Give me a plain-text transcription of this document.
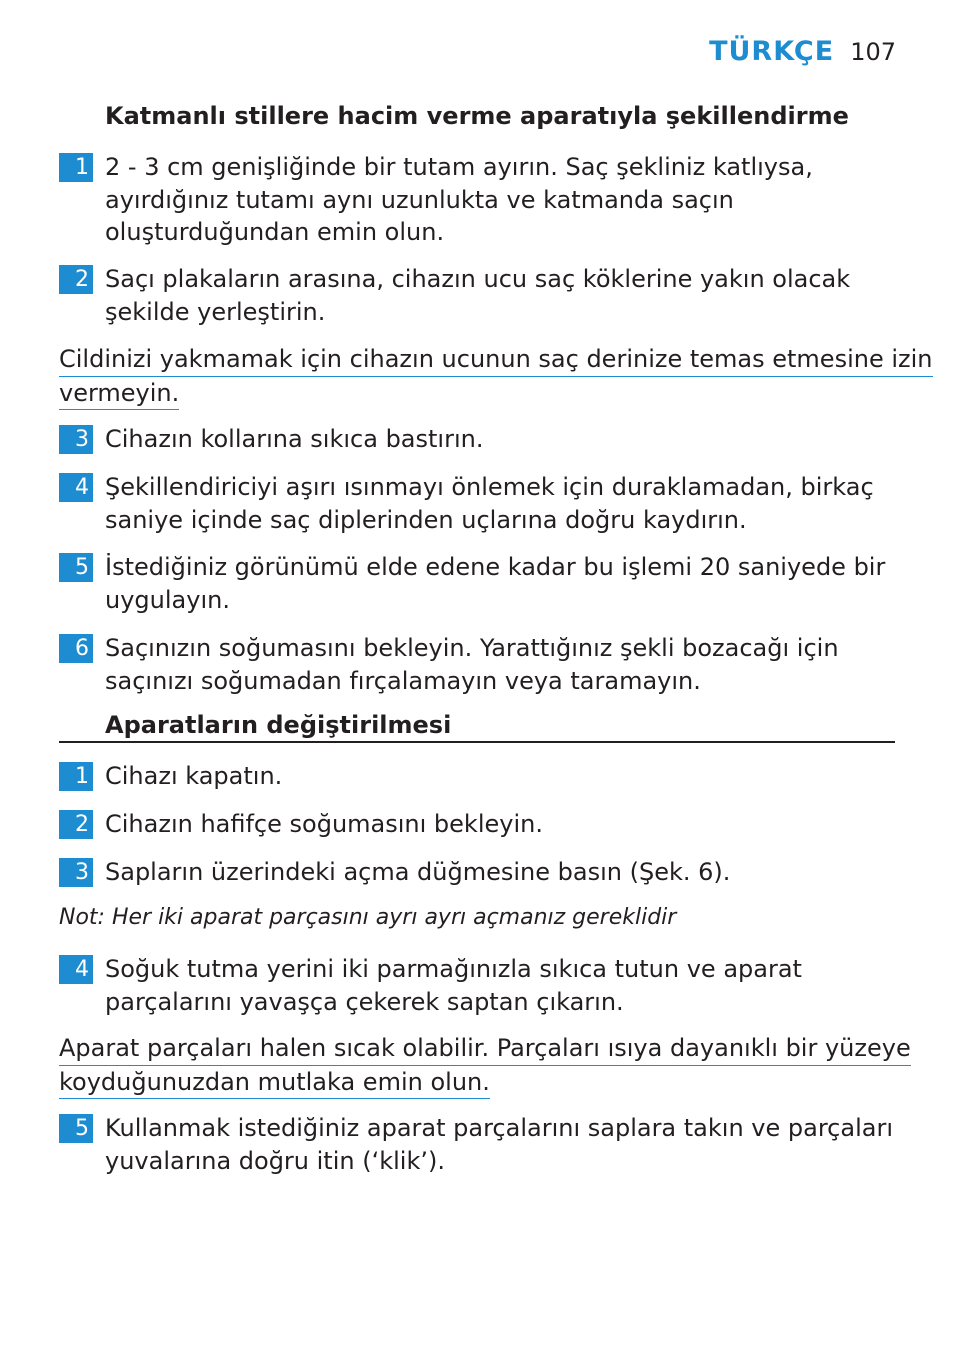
TÜRKÇE 107
Katmanlı stillere hacim verme aparatıyla şekillendirme
1 2 - 3 cm genişliğinde bir tutam ayırın. Saç şekliniz katlıysa, ayırdığınız tutamı aynı uzunlukta ve katmanda saçın oluşturduğundan emin olun.
2 Saçı plakaların arasına, cihazın ucu saç köklerine yakın olacak şekilde yerleştirin.
Cildinizi yakmamak için cihazın ucunun saç derinize temas etmesine izin
vermeyin.
3 Cihazın kollarına sıkıca bastırın.
4 Şekillendiriciyi aşırı ısınmayı önlemek için duraklamadan, birkaç saniye içinde saç diplerinden uçlarına doğru kaydırın.
5 İstediğiniz görünümü elde edene kadar bu işlemi 20 saniyede bir uygulayın.
6 Saçınızın soğumasını bekleyin. Yarattığınız şekli bozacağı için saçınızı soğumadan fırçalamayın veya taramayın.
Aparatların değiştirilmesi
1 Cihazı kapatın.
2 Cihazın hafifçe soğumasını bekleyin.
3 Sapların üzerindeki açma düğmesine basın (Şek. 6).
Not: Her iki aparat parçasını ayrı ayrı açmanız gereklidir
4 Soğuk tutma yerini iki parmağınızla sıkıca tutun ve aparat parçalarını yavaşça çekerek saptan çıkarın.
Aparat parçaları halen sıcak olabilir. Parçaları ısıya dayanıklı bir yüzeye
koyduğunuzdan mutlaka emin olun.
5 Kullanmak istediğiniz aparat parçalarını saplara takın ve parçaları yuvalarına doğru itin (‘klik’).
